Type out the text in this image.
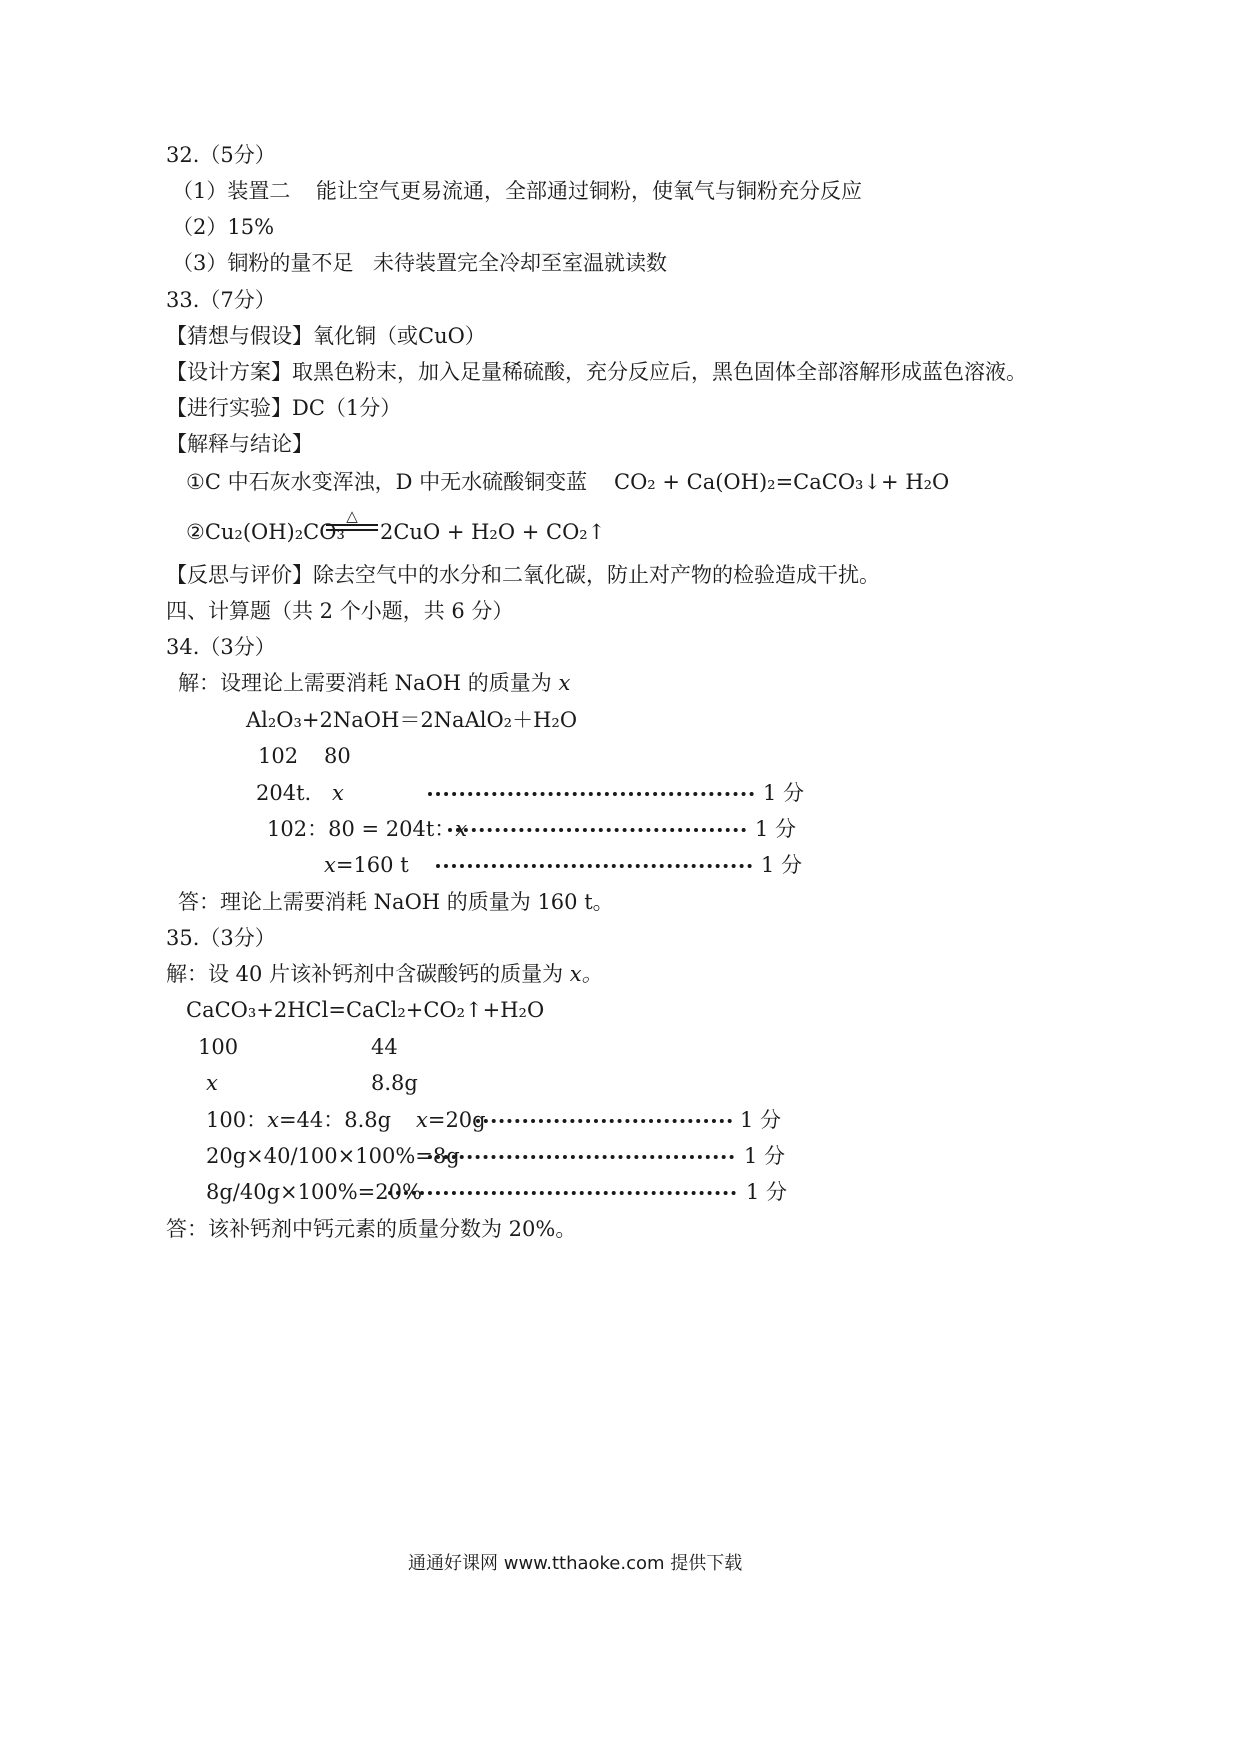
32.（5分）
（1）装置二 能让空气更易流通，全部通过铜粉，使氧气与铜粉充分反应
（2）15%
（3）铜粉的量不足 未待装置完全冷却至室温就读数
33.（7分）
【猜想与假设】氧化铜（或CuO）
【设计方案】取黑色粉末，加入足量稀硫酸，充分反应后，黑色固体全部溶解形成蓝色溶液。
【进行实验】DC（1分）
【解释与结论】
①C 中石灰水变浑浊，D 中无水硫酸铜变蓝 CO₂ + Ca(OH)₂=CaCO₃↓+ H₂O
②Cu₂(OH)₂CO₃
△
2CuO + H₂O + CO₂↑
【反思与评价】除去空气中的水分和二氧化碳，防止对产物的检验造成干扰。
四、计算题（共 2 个小题，共 6 分）
34.（3分）
解：设理论上需要消耗 NaOH 的质量为 x
Al₂O₃+2NaOH＝2NaAlO₂＋H₂O
102 80
204t. x	1 分
102：80 = 204t：x	1 分
x=160 t	1 分
答：理论上需要消耗 NaOH 的质量为 160 t。
35.（3分）
解：设 40 片该补钙剂中含碳酸钙的质量为 x。
CaCO₃+2HCl=CaCl₂+CO₂↑+H₂O
100	44
x	8.8g
100：x=44：8.8g x=20g	1 分
20g×40/100×100%=8g	1 分
8g/40g×100%=20%	1 分
答：该补钙剂中钙元素的质量分数为 20%。
通通好课网 www.tthaoke.com 提供下载
